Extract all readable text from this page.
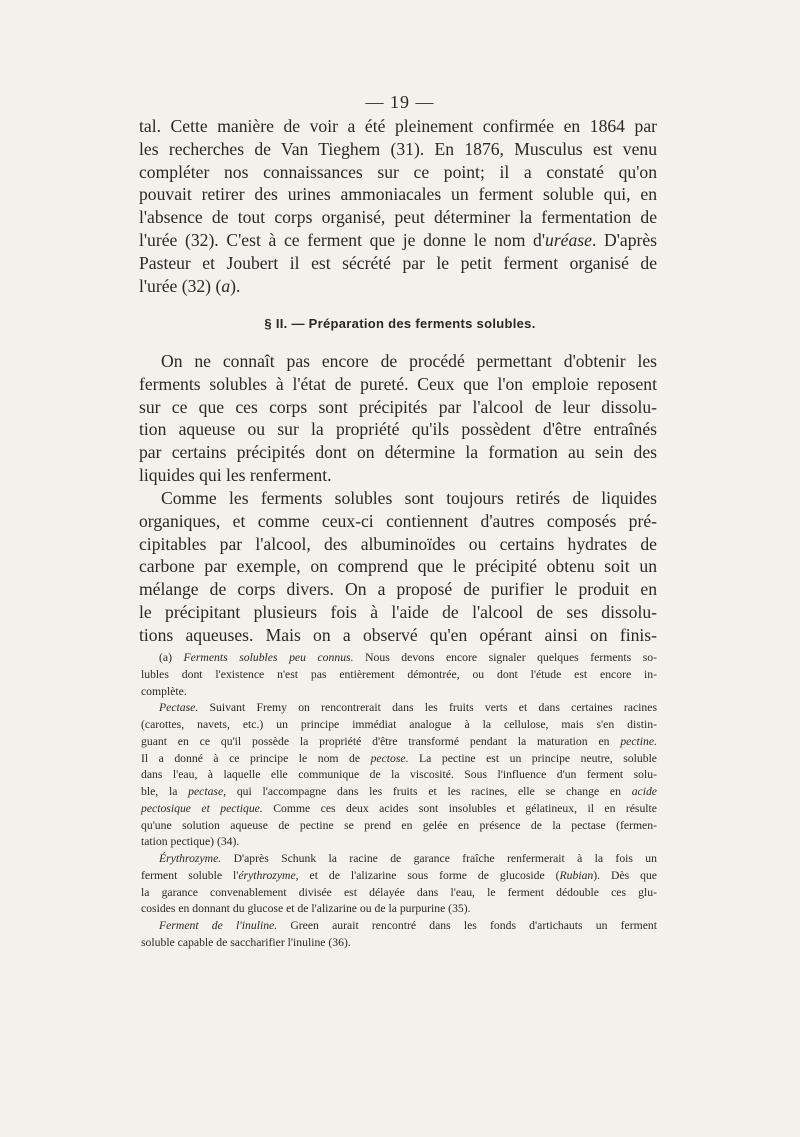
— 19 —
tal. Cette manière de voir a été pleinement confirmée en 1864 par
les recherches de Van Tieghem (31). En 1876, Musculus est venu
compléter nos connaissances sur ce point; il a constaté qu'on
pouvait retirer des urines ammoniacales un ferment soluble qui, en
l'absence de tout corps organisé, peut déterminer la fermentation de
l'urée (32). C'est à ce ferment que je donne le nom d'uréase. D'après
Pasteur et Joubert il est sécrété par le petit ferment organisé de
l'urée (32) (a).
§ II. — Préparation des ferments solubles.
On ne connaît pas encore de procédé permettant d'obtenir les
ferments solubles à l'état de pureté. Ceux que l'on emploie reposent
sur ce que ces corps sont précipités par l'alcool de leur dissolu-
tion aqueuse ou sur la propriété qu'ils possèdent d'être entraînés
par certains précipités dont on détermine la formation au sein des
liquides qui les renferment.
Comme les ferments solubles sont toujours retirés de liquides
organiques, et comme ceux-ci contiennent d'autres composés pré-
cipitables par l'alcool, des albuminoïdes ou certains hydrates de
carbone par exemple, on comprend que le précipité obtenu soit un
mélange de corps divers. On a proposé de purifier le produit en
le précipitant plusieurs fois à l'aide de l'alcool de ses dissolu-
tions aqueuses. Mais on a observé qu'en opérant ainsi on finis-
(a) Ferments solubles peu connus. Nous devons encore signaler quelques ferments so-
lubles dont l'existence n'est pas entièrement démontrée, ou dont l'étude est encore in-
complète.
Pectase. Suivant Fremy on rencontrerait dans les fruits verts et dans certaines racines
(carottes, navets, etc.) un principe immédiat analogue à la cellulose, mais s'en distin-
guant en ce qu'il possède la propriété d'être transformé pendant la maturation en pectine.
Il a donné à ce principe le nom de pectose. La pectine est un principe neutre, soluble
dans l'eau, à laquelle elle communique de la viscosité. Sous l'influence d'un ferment solu-
ble, la pectase, qui l'accompagne dans les fruits et les racines, elle se change en acide
pectosique et pectique. Comme ces deux acides sont insolubles et gélatineux, il en résulte
qu'une solution aqueuse de pectine se prend en gelée en présence de la pectase (fermen-
tation pectique) (34).
Érythrozyme. D'après Schunk la racine de garance fraîche renfermerait à la fois un
ferment soluble l'érythrozyme, et de l'alizarine sous forme de glucoside (Rubian). Dès que
la garance convenablement divisée est délayée dans l'eau, le ferment dédouble ces glu-
cosides en donnant du glucose et de l'alizarine ou de la purpurine (35).
Ferment de l'inuline. Green aurait rencontré dans les fonds d'artichauts un ferment
soluble capable de saccharifier l'inuline (36).
